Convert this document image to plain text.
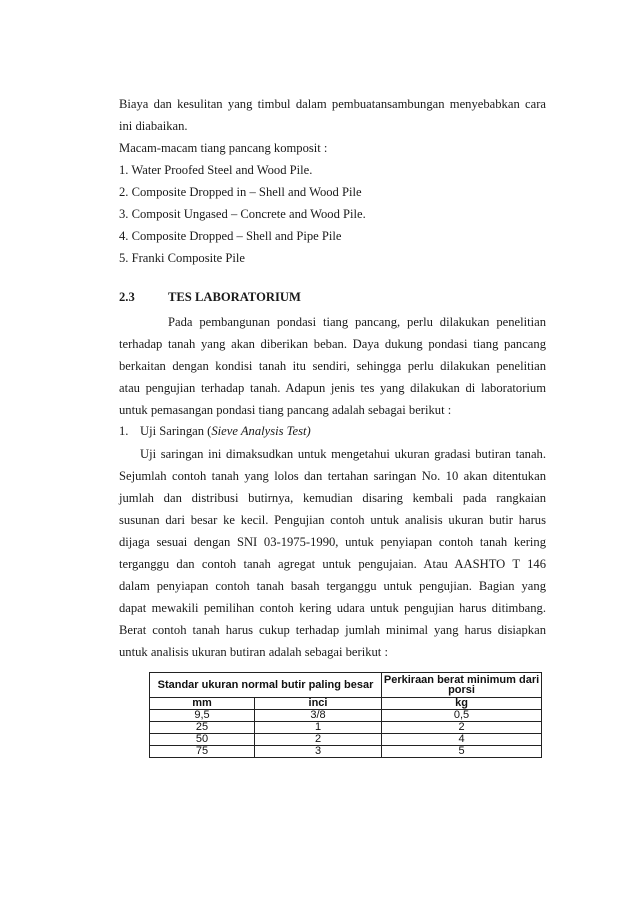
Biaya dan kesulitan yang timbul dalam pembuatansambungan menyebabkan cara
ini diabaikan.
Macam-macam tiang pancang komposit :
1. Water Proofed Steel and Wood Pile.
2. Composite Dropped in – Shell and Wood Pile
3. Composit Ungased – Concrete and Wood Pile.
4. Composite Dropped – Shell and Pipe Pile
5. Franki Composite Pile
2.3	TES LABORATORIUM
Pada pembangunan pondasi tiang pancang, perlu dilakukan penelitian
terhadap tanah yang akan diberikan beban. Daya dukung pondasi tiang pancang
berkaitan dengan kondisi tanah itu sendiri, sehingga perlu dilakukan penelitian
atau pengujian terhadap tanah. Adapun jenis tes yang dilakukan di laboratorium
untuk pemasangan pondasi tiang pancang adalah sebagai berikut :
1. Uji Saringan (Sieve Analysis Test)
Uji saringan ini dimaksudkan untuk mengetahui ukuran gradasi butiran tanah.
Sejumlah contoh tanah yang lolos dan tertahan saringan No. 10 akan ditentukan
jumlah dan distribusi butirnya, kemudian disaring kembali pada rangkaian
susunan dari besar ke kecil. Pengujian contoh untuk analisis ukuran butir harus
dijaga sesuai dengan SNI 03-1975-1990, untuk penyiapan contoh tanah kering
terganggu dan contoh tanah agregat untuk pengujaian. Atau AASHTO T 146
dalam penyiapan contoh tanah basah terganggu untuk pengujian. Bagian yang
dapat mewakili pemilihan contoh kering udara untuk pengujian harus ditimbang.
Berat contoh tanah harus cukup terhadap jumlah minimal yang harus disiapkan
untuk analisis ukuran butiran adalah sebagai berikut :
Standar ukuran normal butir paling besar		Perkiraan berat minimum dari porsi
mm	inci	kg
9,5	3/8	0,5
25	1	2
50	2	4
75	3	5
